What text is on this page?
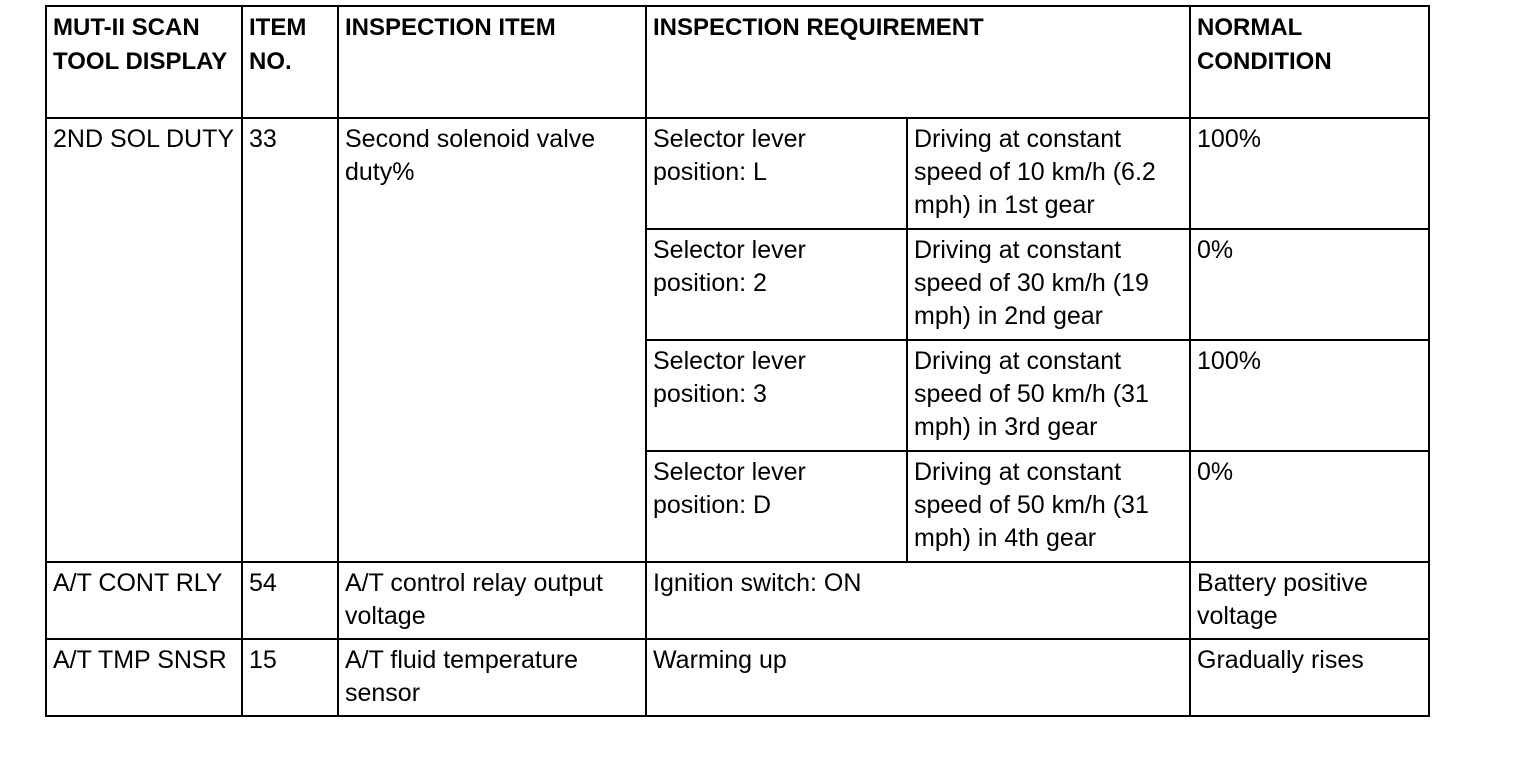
MUT-II SCAN TOOL DISPLAY	ITEM NO.	INSPECTION ITEM	INSPECTION REQUIREMENT		NORMAL CONDITION

2ND SOL DUTY	33	Second solenoid valve duty%	Selector lever position: L	Driving at constant speed of 10 km/h (6.2 mph) in 1st gear	100%
			Selector lever position: 2	Driving at constant speed of 30 km/h (19 mph) in 2nd gear	0%
			Selector lever position: 3	Driving at constant speed of 50 km/h (31 mph) in 3rd gear	100%
			Selector lever position: D	Driving at constant speed of 50 km/h (31 mph) in 4th gear	0%
A/T CONT RLY	54	A/T control relay output voltage	Ignition switch: ON		Battery positive voltage
A/T TMP SNSR	15	A/T fluid temperature sensor	Warming up		Gradually rises
